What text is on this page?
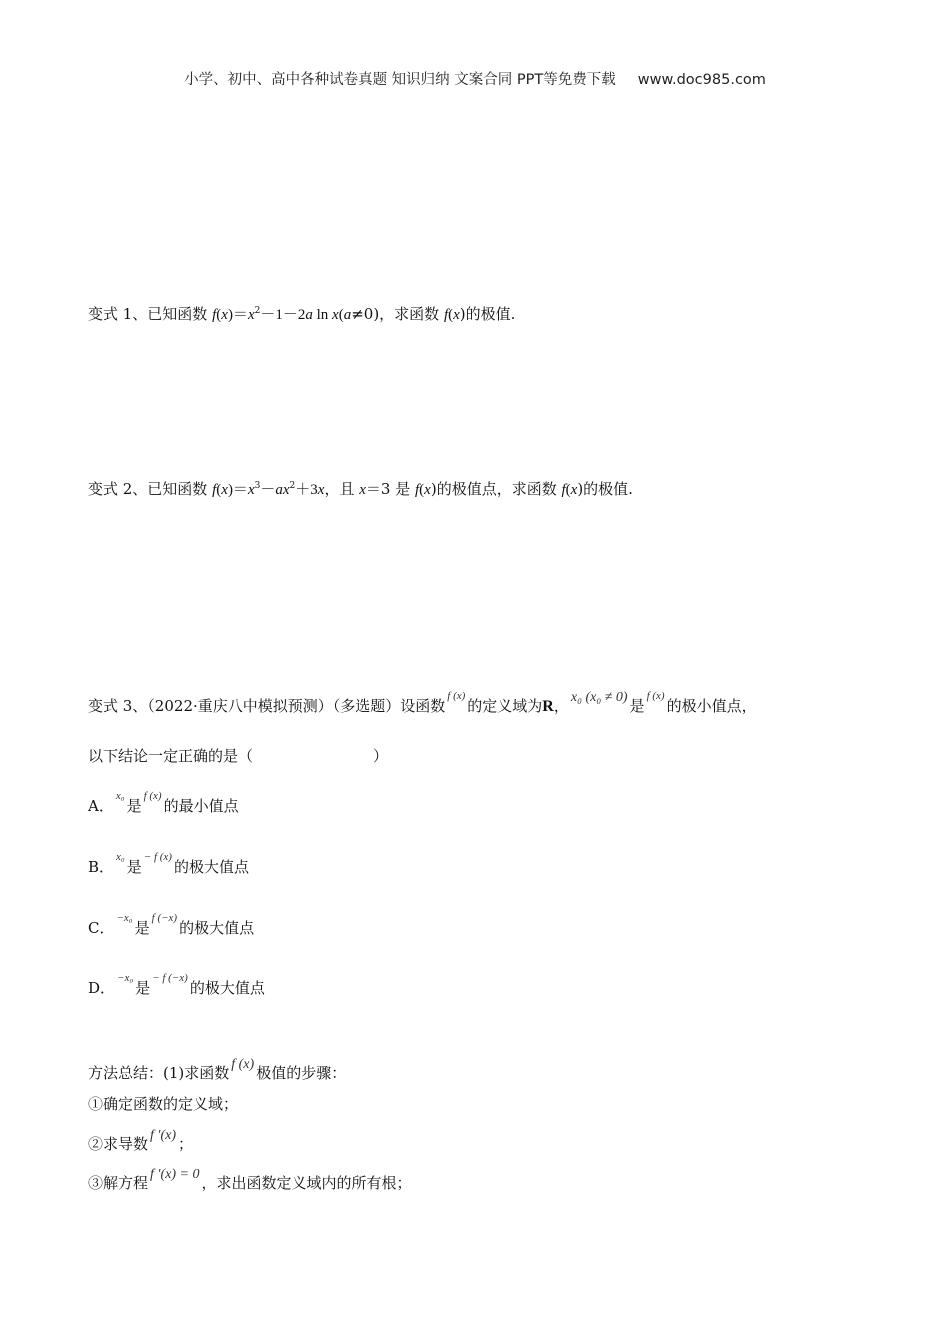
小学、初中、高中各种试卷真题 知识归纳 文案合同 PPT等免费下载 www.doc985.com
变式 1、已知函数 $f(x)=x^2-1-2a$ ln x(a≠0)，求函数 f(x)的极值.
变式 2、已知函数 $f(x)=x^3-ax^2+3x$，且 x＝3 是 f(x)的极值点，求函数 f(x)的极值.
变式 3、（2022·重庆八中模拟预测）（多选题）设函数f (x)的定义域为R， x₀ (x₀ ≠ 0) 是f (x)的极小值点，
以下结论一定正确的是（	）
A．x₀是f (x)的最小值点
B．x₀是− f (x)的极大值点
C．−x₀是f (−x)的极大值点
D．−x₀是− f (−x)的极大值点
方法总结：(1)求函数 f (x) 极值的步骤：
①确定函数的定义域；
②求导数 f ′(x) ；
③解方程 f ′(x) = 0 ，求出函数定义域内的所有根；
